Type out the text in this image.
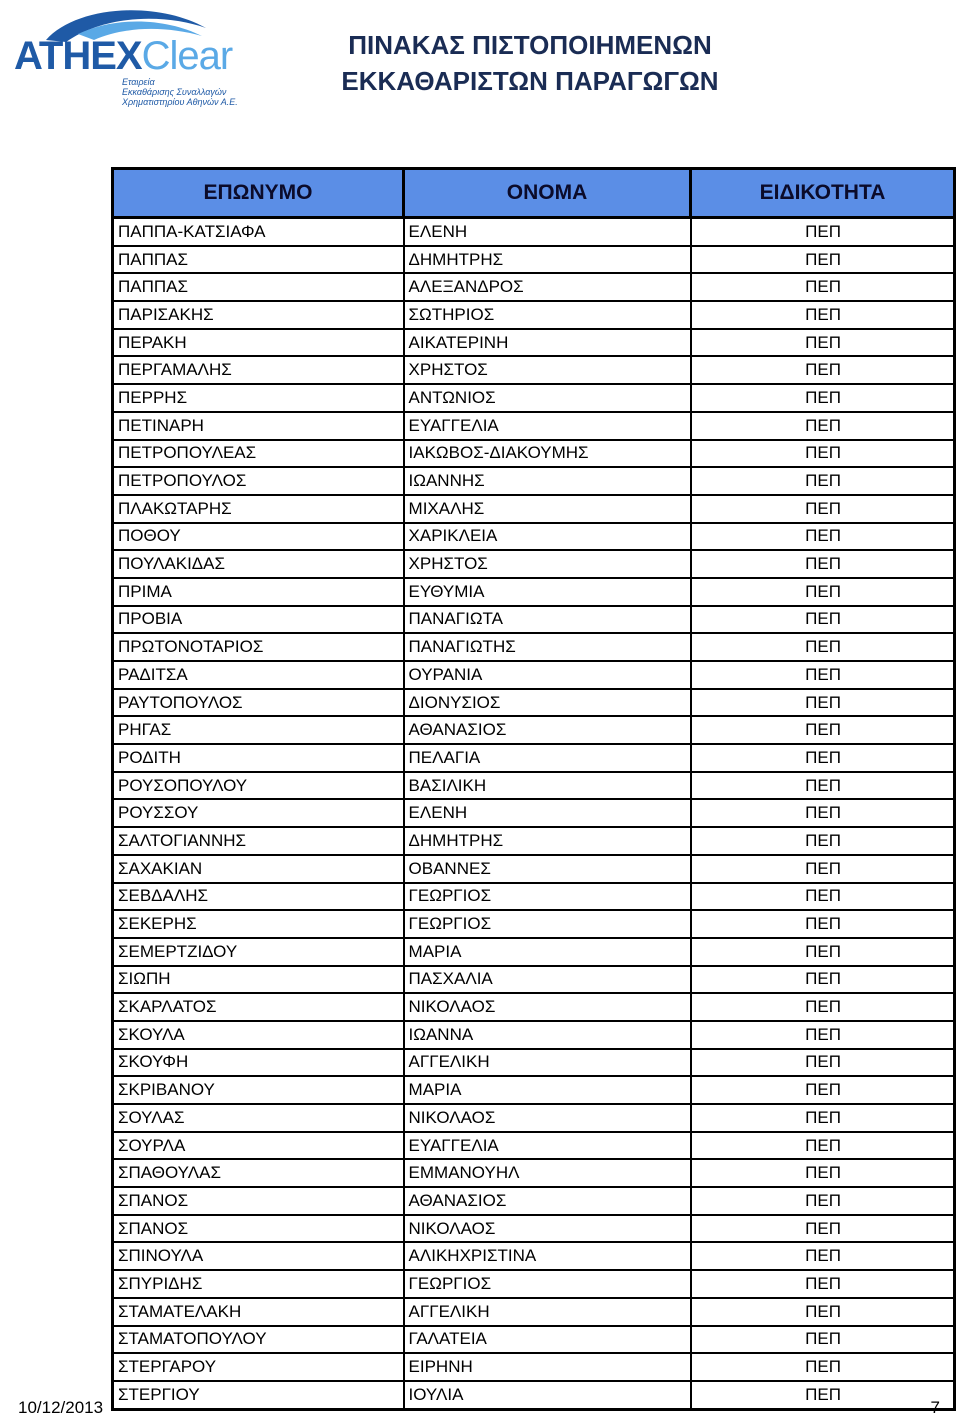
ATHEXClear
Εταιρεία
Εκκαθάρισης Συναλλαγών
Χρηματιστηρίου Αθηνών Α.Ε.
ΠΙΝΑΚΑΣ ΠΙΣΤΟΠΟΙΗΜΕΝΩΝ
ΕΚΚΑΘΑΡΙΣΤΩΝ ΠΑΡΑΓΩΓΩΝ
ΕΠΩΝΥΜΟ	ΟΝΟΜΑ	ΕΙΔΙΚΟΤΗΤΑ
ΠΑΠΠΑ-ΚΑΤΣΙΑΦΑ	ΕΛΕΝΗ	ΠΕΠ
ΠΑΠΠΑΣ	ΔΗΜΗΤΡΗΣ	ΠΕΠ
ΠΑΠΠΑΣ	ΑΛΕΞΑΝΔΡΟΣ	ΠΕΠ
ΠΑΡΙΣΑΚΗΣ	ΣΩΤΗΡΙΟΣ	ΠΕΠ
ΠΕΡΑΚΗ	ΑΙΚΑΤΕΡΙΝΗ	ΠΕΠ
ΠΕΡΓΑΜΑΛΗΣ	ΧΡΗΣΤΟΣ	ΠΕΠ
ΠΕΡΡΗΣ	ΑΝΤΩΝΙΟΣ	ΠΕΠ
ΠΕΤΙΝΑΡΗ	ΕΥΑΓΓΕΛΙΑ	ΠΕΠ
ΠΕΤΡΟΠΟΥΛΕΑΣ	ΙΑΚΩΒΟΣ-ΔΙΑΚΟΥΜΗΣ	ΠΕΠ
ΠΕΤΡΟΠΟΥΛΟΣ	ΙΩΑΝΝΗΣ	ΠΕΠ
ΠΛΑΚΩΤΑΡΗΣ	ΜΙΧΑΛΗΣ	ΠΕΠ
ΠΟΘΟΥ	ΧΑΡΙΚΛΕΙΑ	ΠΕΠ
ΠΟΥΛΑΚΙΔΑΣ	ΧΡΗΣΤΟΣ	ΠΕΠ
ΠΡΙΜΑ	ΕΥΘΥΜΙΑ	ΠΕΠ
ΠΡΟΒΙΑ	ΠΑΝΑΓΙΩΤΑ	ΠΕΠ
ΠΡΩΤΟΝΟΤΑΡΙΟΣ	ΠΑΝΑΓΙΩΤΗΣ	ΠΕΠ
ΡΑΔΙΤΣΑ	ΟΥΡΑΝΙΑ	ΠΕΠ
ΡΑΥΤΟΠΟΥΛΟΣ	ΔΙΟΝΥΣΙΟΣ	ΠΕΠ
ΡΗΓΑΣ	ΑΘΑΝΑΣΙΟΣ	ΠΕΠ
ΡΟΔΙΤΗ	ΠΕΛΑΓΙΑ	ΠΕΠ
ΡΟΥΣΟΠΟΥΛΟΥ	ΒΑΣΙΛΙΚΗ	ΠΕΠ
ΡΟΥΣΣΟΥ	ΕΛΕΝΗ	ΠΕΠ
ΣΑΛΤΟΓΙΑΝΝΗΣ	ΔΗΜΗΤΡΗΣ	ΠΕΠ
ΣΑΧΑΚΙΑΝ	ΟΒΑΝΝΕΣ	ΠΕΠ
ΣΕΒΔΑΛΗΣ	ΓΕΩΡΓΙΟΣ	ΠΕΠ
ΣΕΚΕΡΗΣ	ΓΕΩΡΓΙΟΣ	ΠΕΠ
ΣΕΜΕΡΤΖΙΔΟΥ	ΜΑΡΙΑ	ΠΕΠ
ΣΙΩΠΗ	ΠΑΣΧΑΛΙΑ	ΠΕΠ
ΣΚΑΡΛΑΤΟΣ	ΝΙΚΟΛΑΟΣ	ΠΕΠ
ΣΚΟΥΛΑ	ΙΩΑΝΝΑ	ΠΕΠ
ΣΚΟΥΦΗ	ΑΓΓΕΛΙΚΗ	ΠΕΠ
ΣΚΡΙΒΑΝΟΥ	ΜΑΡΙΑ	ΠΕΠ
ΣΟΥΛΑΣ	ΝΙΚΟΛΑΟΣ	ΠΕΠ
ΣΟΥΡΛΑ	ΕΥΑΓΓΕΛΙΑ	ΠΕΠ
ΣΠΑΘΟΥΛΑΣ	ΕΜΜΑΝΟΥΗΛ	ΠΕΠ
ΣΠΑΝΟΣ	ΑΘΑΝΑΣΙΟΣ	ΠΕΠ
ΣΠΑΝΟΣ	ΝΙΚΟΛΑΟΣ	ΠΕΠ
ΣΠΙΝΟΥΛΑ	ΑΛΙΚΗΧΡΙΣΤΙΝΑ	ΠΕΠ
ΣΠΥΡΙΔΗΣ	ΓΕΩΡΓΙΟΣ	ΠΕΠ
ΣΤΑΜΑΤΕΛΑΚΗ	ΑΓΓΕΛΙΚΗ	ΠΕΠ
ΣΤΑΜΑΤΟΠΟΥΛΟΥ	ΓΑΛΑΤΕΙΑ	ΠΕΠ
ΣΤΕΡΓΑΡΟΥ	ΕΙΡΗΝΗ	ΠΕΠ
ΣΤΕΡΓΙΟΥ	ΙΟΥΛΙΑ	ΠΕΠ
10/12/2013	7
